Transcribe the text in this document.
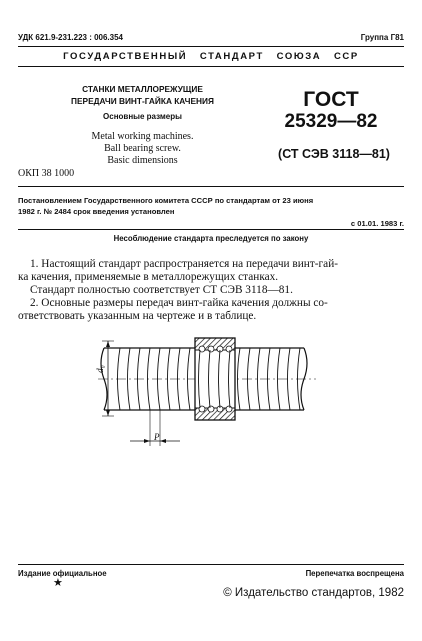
УДК 621.9-231.223 : 006.354	Группа Г81
ГОСУДАРСТВЕННЫЙ   СТАНДАРТ   СОЮЗА   ССР
СТАНКИ МЕТАЛЛОРЕЖУЩИЕ
ПЕРЕДАЧИ ВИНТ-ГАЙКА КАЧЕНИЯ
Основные размеры
Metal working machines.
Ball bearing screw.
Basic dimensions
ГОСТ
25329—82
(СТ СЭВ 3118—81)
ОКП 38 1000
Постановлением Государственного комитета СССР по стандартам от 23 июня
1982 г. № 2484 срок введения установлен
с 01.01. 1983 г.
Несоблюдение стандарта преследуется по закону
1. Настоящий стандарт распространяется на передачи винт-гай-
ка качения, применяемые в металлорежущих станках.
Стандарт полностью соответствует СТ СЭВ 3118—81.
2. Основные размеры передач винт-гайка качения должны со-
ответствовать указанным на чертеже и в таблице.
d₀
P
Издание официальное	Перепечатка воспрещена
★
© Издательство стандартов, 1982
